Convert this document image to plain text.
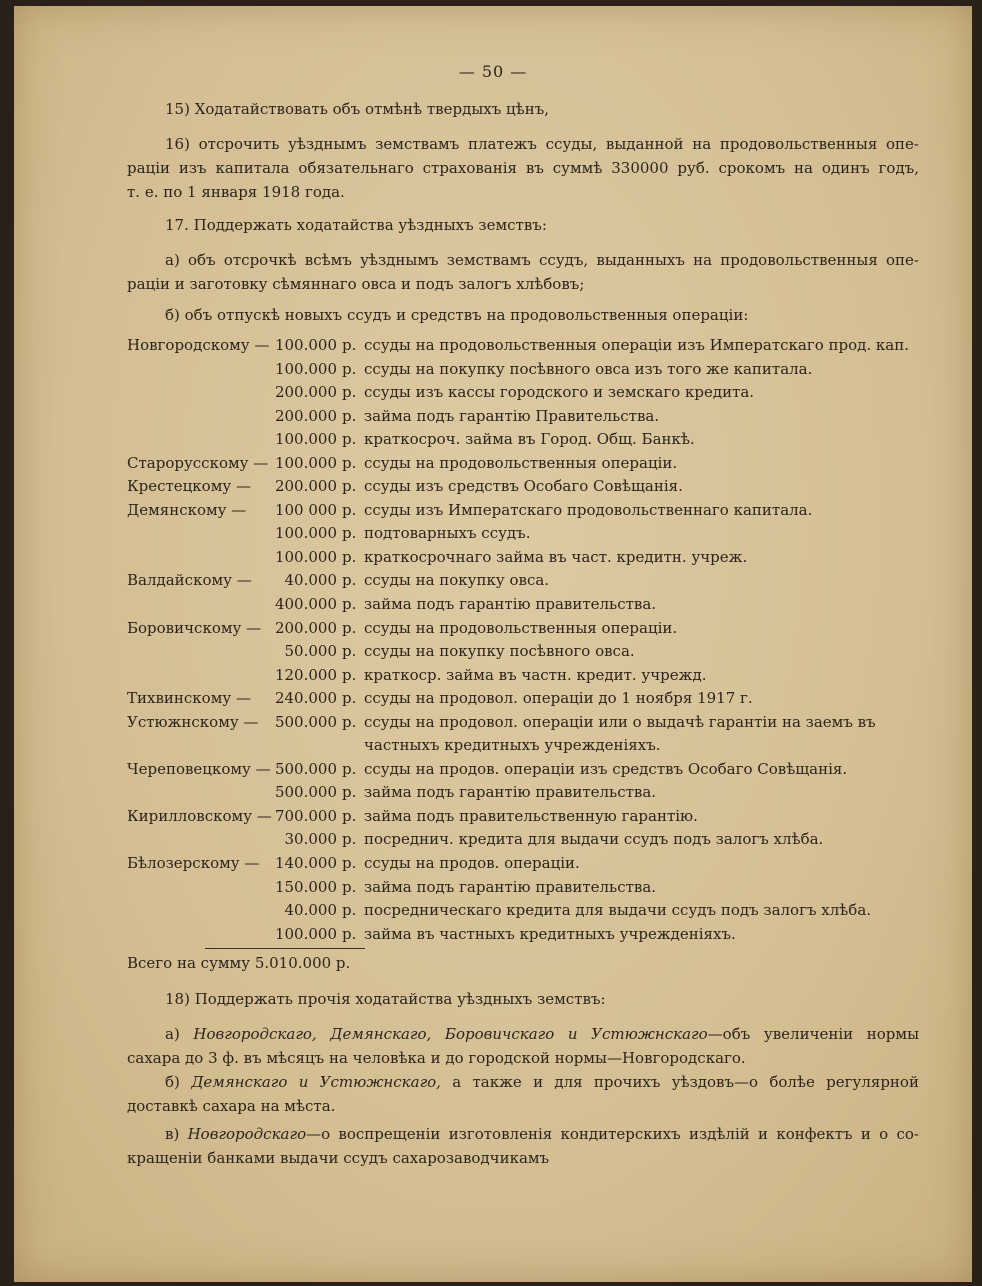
— 50 —
15) Ходатайствовать объ отмѣнѣ твердыхъ цѣнъ,
16) отсрочить уѣзднымъ земствамъ платежъ ссуды, выданной на продовольственныя опе-
раціи изъ капитала обязательнаго страхованія въ суммѣ 330000 руб. срокомъ на одинъ годъ,
т. е. по 1 января 1918 года.
17. Поддержать ходатайства уѣздныхъ земствъ:
а) объ отсрочкѣ всѣмъ уѣзднымъ земствамъ ссудъ, выданныхъ на продовольственныя опе-
раціи и заготовку сѣмяннаго овса и подъ залогъ хлѣбовъ;
б) объ отпускѣ новыхъ ссудъ и средствъ на продовольственныя операціи:
Новгородскому — 100.000 р. ссуды на продовольственныя операціи изъ Императскаго прод. кап.
100.000 р. ссуды на покупку посѣвного овса изъ того же капитала.
200.000 р. ссуды изъ кассы городского и земскаго кредита.
200.000 р. займа подъ гарантію Правительства.
100.000 р. краткосроч. займа въ Город. Общ. Банкѣ.
Старорусскому — 100.000 р. ссуды на продовольственныя операціи.
Крестецкому — 200.000 р. ссуды изъ средствъ Особаго Совѣщанія.
Демянскому — 100 000 р. ссуды изъ Императскаго продовольственнаго капитала.
100.000 р. подтоварныхъ ссудъ.
100.000 р. краткосрочнаго займа въ част. кредитн. учреж.
Валдайскому — 40.000 р. ссуды на покупку овса.
400.000 р. займа подъ гарантію правительства.
Боровичскому — 200.000 р. ссуды на продовольственныя операціи.
50.000 р. ссуды на покупку посѣвного овса.
120.000 р. краткоср. займа въ частн. кредит. учрежд.
Тихвинскому — 240.000 р. ссуды на продовол. операціи до 1 ноября 1917 г.
Устюжнскому — 500.000 р. ссуды на продовол. операціи или о выдачѣ гарантіи на заемъ въ
частныхъ кредитныхъ учрежденіяхъ.
Череповецкому — 500.000 р. ссуды на продов. операціи изъ средствъ Особаго Совѣщанія.
500.000 р. займа подъ гарантію правительства.
Кирилловскому — 700.000 р. займа подъ правительственную гарантію.
30.000 р. посреднич. кредита для выдачи ссудъ подъ залогъ хлѣба.
Бѣлозерскому — 140.000 р. ссуды на продов. операціи.
150.000 р. займа подъ гарантію правительства.
40.000 р. посредническаго кредита для выдачи ссудъ подъ залогъ хлѣба.
100.000 р. займа въ частныхъ кредитныхъ учрежденіяхъ.
Всего на сумму 5.010.000 р.
18) Поддержать прочія ходатайства уѣздныхъ земствъ:
а) Новгородскаго, Демянскаго, Боровичскаго и Устюжнскаго—объ увеличеніи нормы
сахара до 3 ф. въ мѣсяцъ на человѣка и до городской нормы—Новгородскаго.
б) Демянскаго и Устюжнскаго, а также и для прочихъ уѣздовъ—о болѣе регулярной
доставкѣ сахара на мѣста.
в) Новгородскаго—о воспрещеніи изготовленія кондитерскихъ издѣлій и конфектъ и о со-
кращеніи банками выдачи ссудъ сахарозаводчикамъ
